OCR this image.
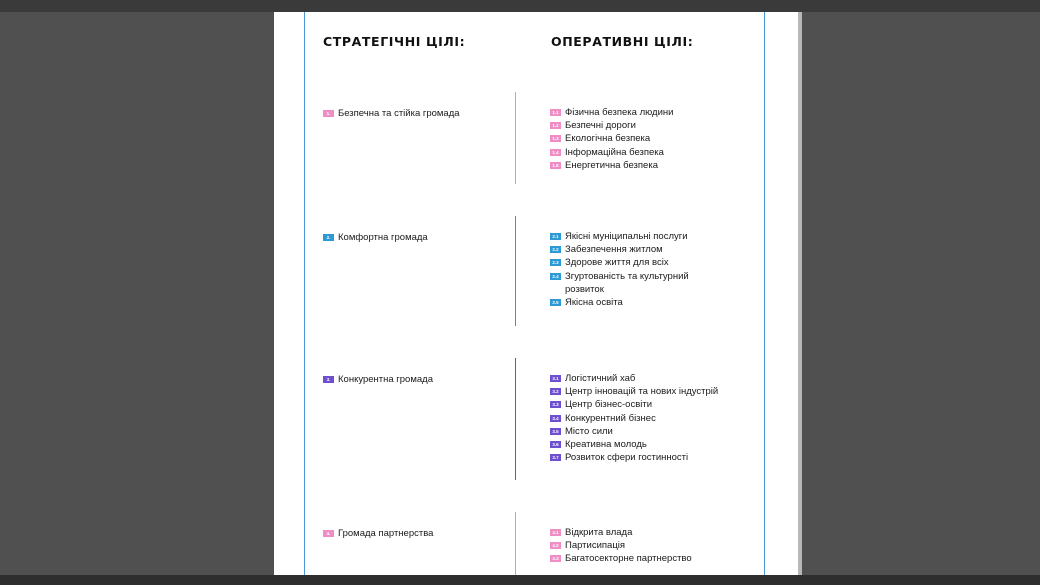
СТРАТЕГІЧНІ ЦІЛІ:	ОПЕРАТИВНІ ЦІЛІ:
1. Безпечна та стійка громада	1.1 Фізична безпека людини
1.2 Безпечні дороги
1.3 Екологічна безпека
1.4 Інформаційна безпека
1.5 Енергетична безпека
2. Комфортна громада	2.1 Якісні муніципальні послуги
2.2 Забезпечення житлом
2.3 Здорове життя для всіх
2.4 Згуртованість та культурний розвиток
2.5 Якісна освіта
3. Конкурентна громада	3.1 Логістичний хаб
3.2 Центр інновацій та нових індустрій
3.3 Центр бізнес-освіти
3.4 Конкурентний бізнес
3.5 Місто сили
3.6 Креативна молодь
3.7 Розвиток сфери гостинності
4. Громада партнерства	4.1 Відкрита влада
4.2 Партисипація
4.3 Багатосекторне партнерство
